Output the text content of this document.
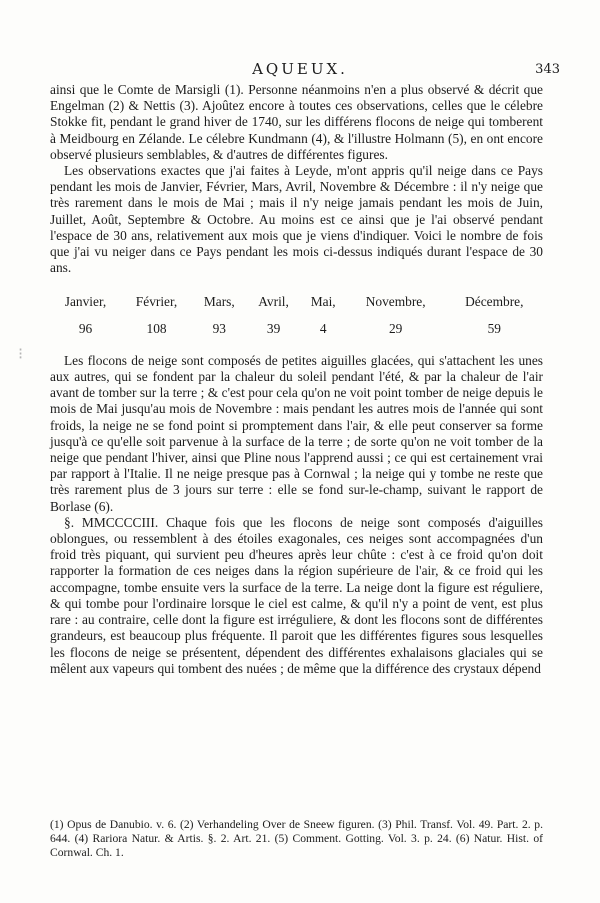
AQUEUX.	343
⁝

ainsi que le Comte de Marsigli (1). Personne néanmoins n'en a plus observé & décrit que Engelman (2) & Nettis (3). Ajoûtez encore à toutes ces observations, celles que le célebre Stokke fit, pendant le grand hiver de 1740, sur les différens flocons de neige qui tomberent à Meidbourg en Zélande. Le célebre Kundmann (4), & l'illustre Holmann (5), en ont encore observé plusieurs semblables, & d'autres de différentes figures.

Les observations exactes que j'ai faites à Leyde, m'ont appris qu'il neige dans ce Pays pendant les mois de Janvier, Février, Mars, Avril, Novembre & Décembre : il n'y neige que très rarement dans le mois de Mai ; mais il n'y neige jamais pendant les mois de Juin, Juillet, Août, Septembre & Octobre. Au moins est ce ainsi que je l'ai observé pendant l'espace de 30 ans, relativement aux mois que je viens d'indiquer. Voici le nombre de fois que j'ai vu neiger dans ce Pays pendant les mois ci-dessus indiqués durant l'espace de 30 ans.

Janvier,	Février,	Mars,	Avril,	Mai,	Novembre,	Décembre,
96	108	93	39	4	29	59

Les flocons de neige sont composés de petites aiguilles glacées, qui s'attachent les unes aux autres, qui se fondent par la chaleur du soleil pendant l'été, & par la chaleur de l'air avant de tomber sur la terre ; & c'est pour cela qu'on ne voit point tomber de neige depuis le mois de Mai jusqu'au mois de Novembre : mais pendant les autres mois de l'année qui sont froids, la neige ne se fond point si promptement dans l'air, & elle peut conserver sa forme jusqu'à ce qu'elle soit parvenue à la surface de la terre ; de sorte qu'on ne voit tomber de la neige que pendant l'hiver, ainsi que Pline nous l'apprend aussi ; ce qui est certainement vrai par rapport à l'Italie. Il ne neige presque pas à Cornwal ; la neige qui y tombe ne reste que très rarement plus de 3 jours sur terre : elle se fond sur-le-champ, suivant le rapport de Borlase (6).

§. MMCCCCIII. Chaque fois que les flocons de neige sont composés d'aiguilles oblongues, ou ressemblent à des étoiles exagonales, ces neiges sont accompagnées d'un froid très piquant, qui survient peu d'heures après leur chûte : c'est à ce froid qu'on doit rapporter la formation de ces neiges dans la région supérieure de l'air, & ce froid qui les accompagne, tombe ensuite vers la surface de la terre. La neige dont la figure est réguliere, & qui tombe pour l'ordinaire lorsque le ciel est calme, & qu'il n'y a point de vent, est plus rare : au contraire, celle dont la figure est irréguliere, & dont les flocons sont de différentes grandeurs, est beaucoup plus fréquente. Il paroit que les différentes figures sous lesquelles les flocons de neige se présentent, dépendent des différentes exhalaisons glaciales qui se mêlent aux vapeurs qui tombent des nuées ; de même que la différence des crystaux dépend

(1) Opus de Danubio. v. 6. (2) Verhandeling Over de Sneew figuren. (3) Phil. Transf. Vol. 49. Part. 2. p. 644. (4) Rariora Natur. & Artis. §. 2. Art. 21. (5) Comment. Gotting. Vol. 3. p. 24. (6) Natur. Hist. of Cornwal. Ch. 1.
